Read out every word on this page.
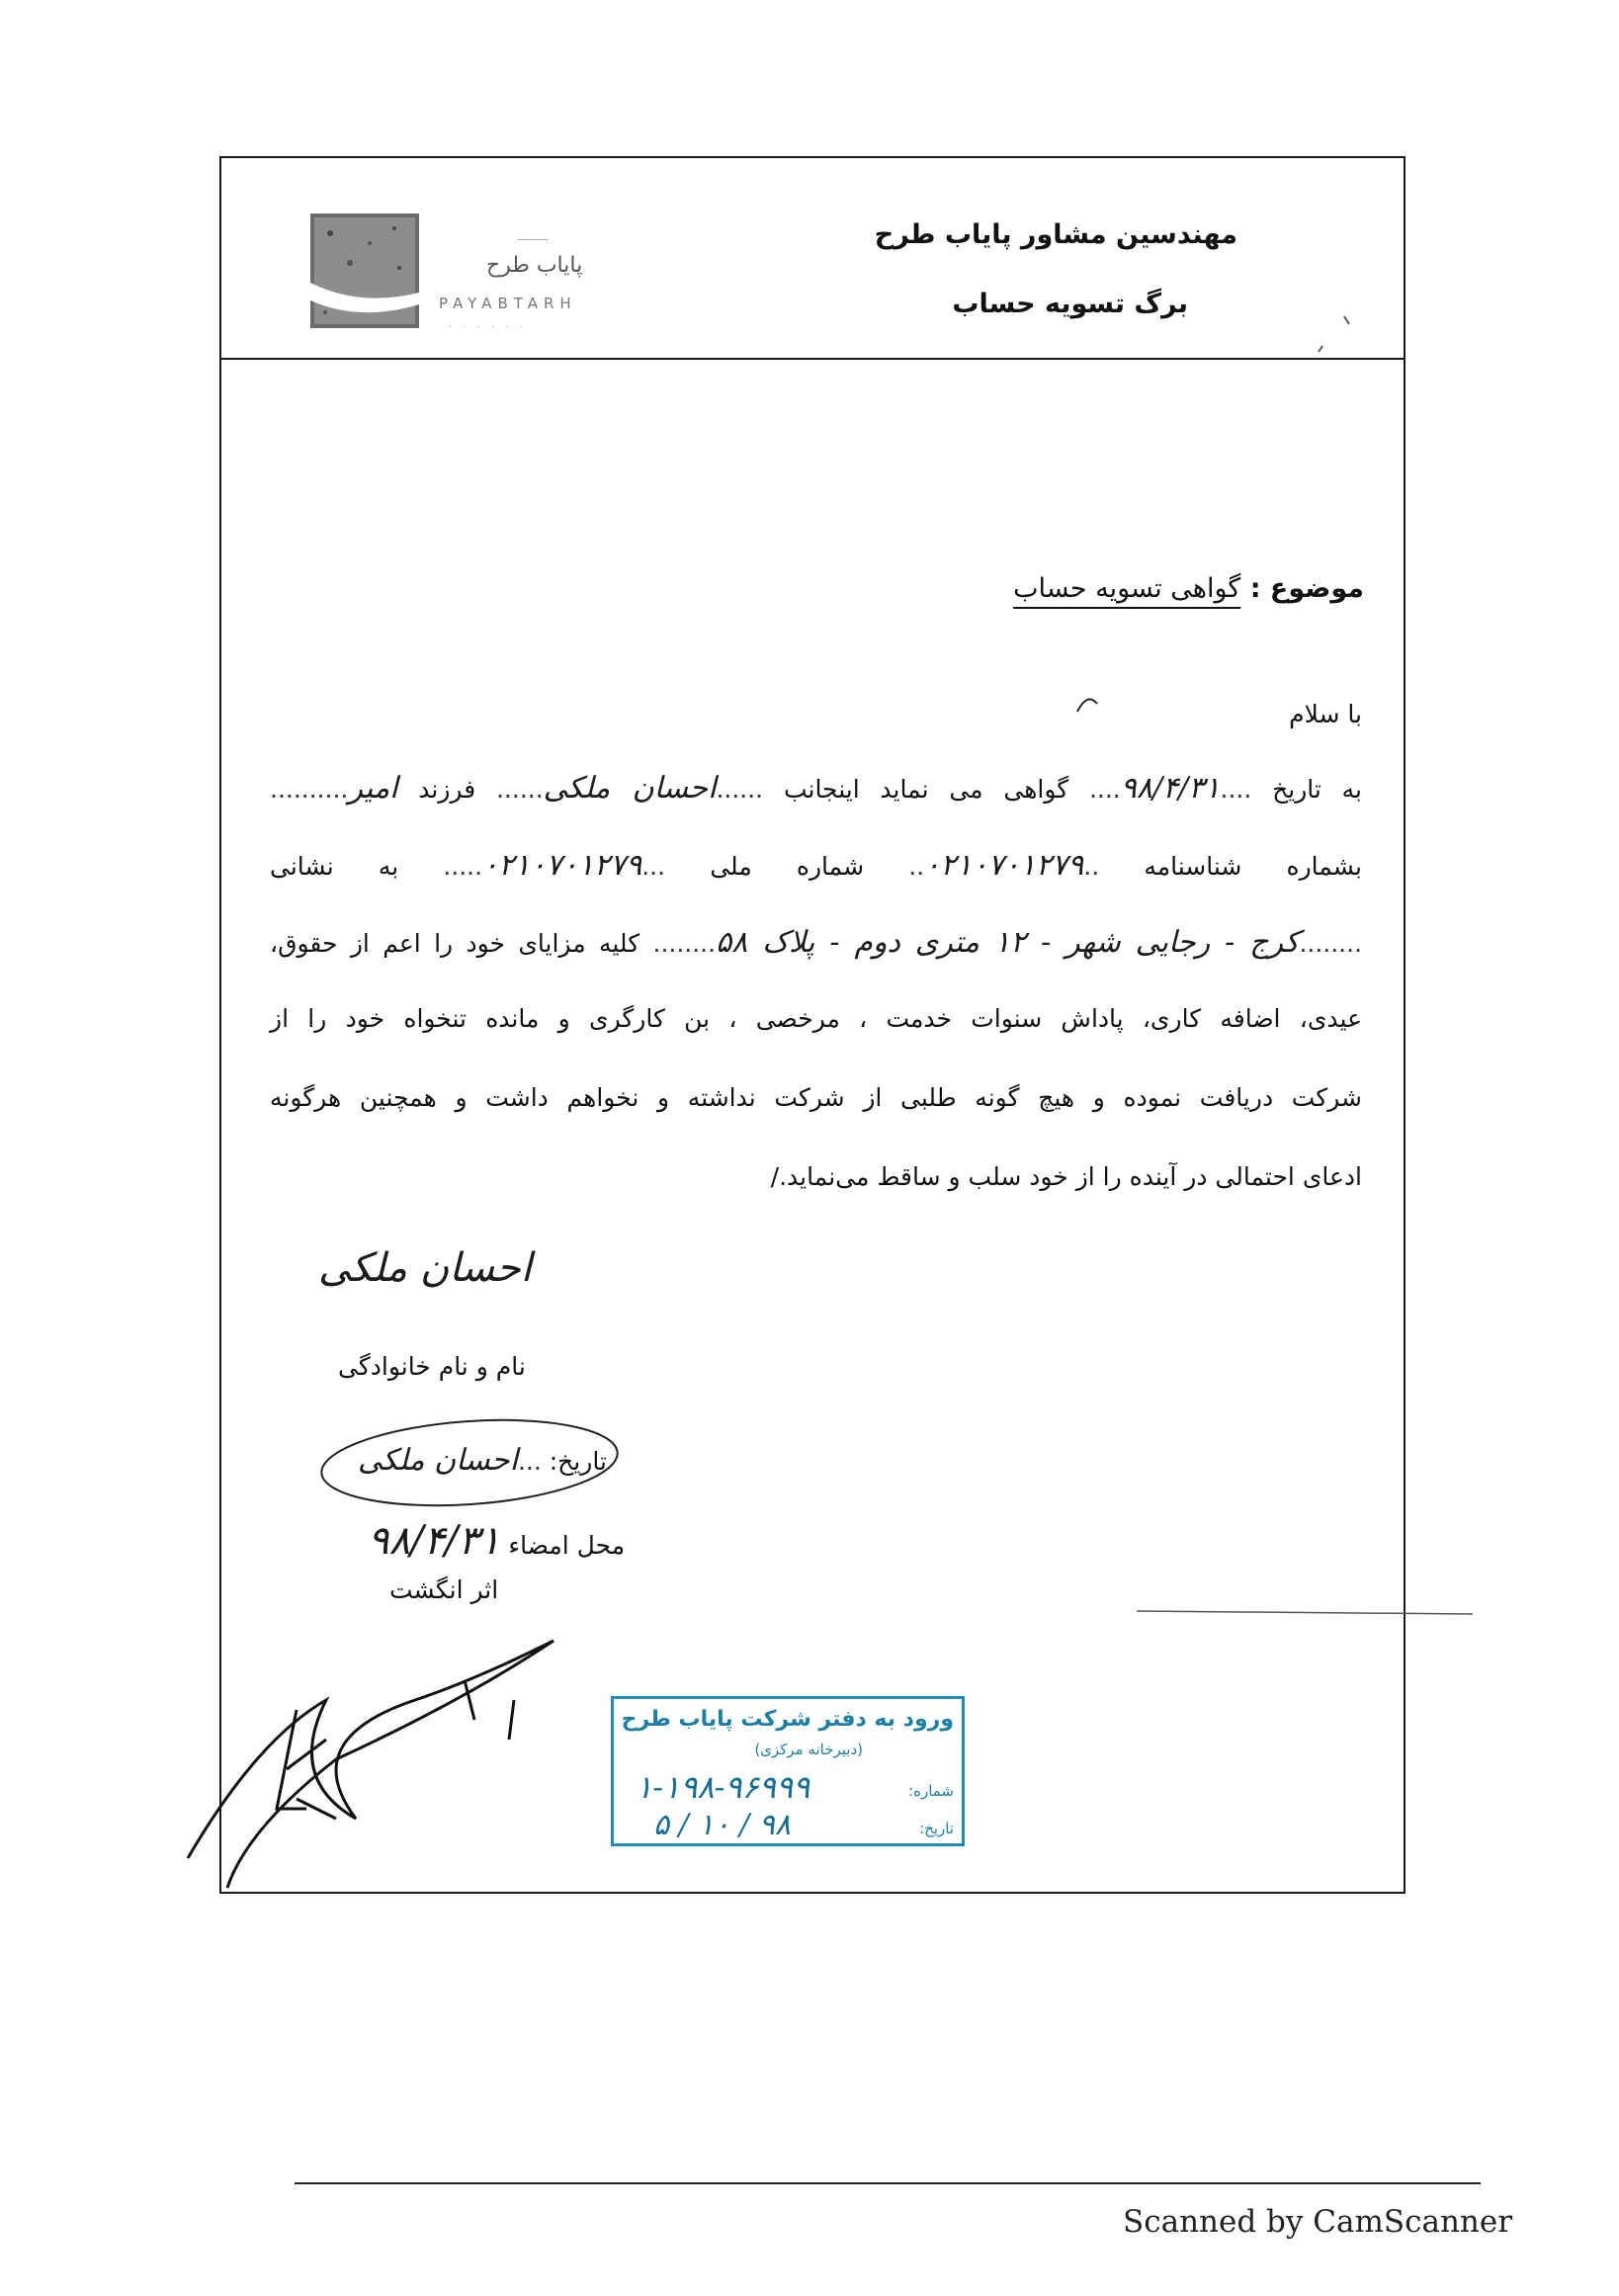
─────
پایاب طرح
PAYABTARH
· · · · · ·
مهندسین مشاور پایاب طرح
برگ تسویه حساب
موضوع : گواهی تسویه حساب
با سلام
به تاریخ ....۹۸/۴/۳۱.... گواهی می نماید اینجانب ......احسان ملکی...... فرزند امیر..........
بشماره شناسنامه ..۰۲۱۰۷۰۱۲۷۹.. شماره ملی ...۰۲۱۰۷۰۱۲۷۹..... به نشانی
........کرج - رجایی شهر - ۱۲ متری دوم - پلاک ۵۸........ کلیه مزایای خود را اعم از حقوق،
عیدی، اضافه کاری، پاداش سنوات خدمت ، مرخصی ، بن کارگری و مانده تنخواه خود را از
شرکت دریافت نموده و هیچ گونه طلبی از شرکت نداشته و نخواهم داشت و همچنین هرگونه
ادعای احتمالی در آینده را از خود سلب و ساقط می‌نماید./
احسان ملکی
نام و نام خانوادگی
تاریخ: ...احسان ملکی
محل امضاء ۹۸/۴/۳۱
اثر انگشت
ورود به دفتر شرکت پایاب طرح
(دبیرخانه مرکزی)
شماره:
۱-۱۹۸-۹۶۹۹۹
تاریخ:
۹۸ / ۱۰ / ۵
Scanned by CamScanner
